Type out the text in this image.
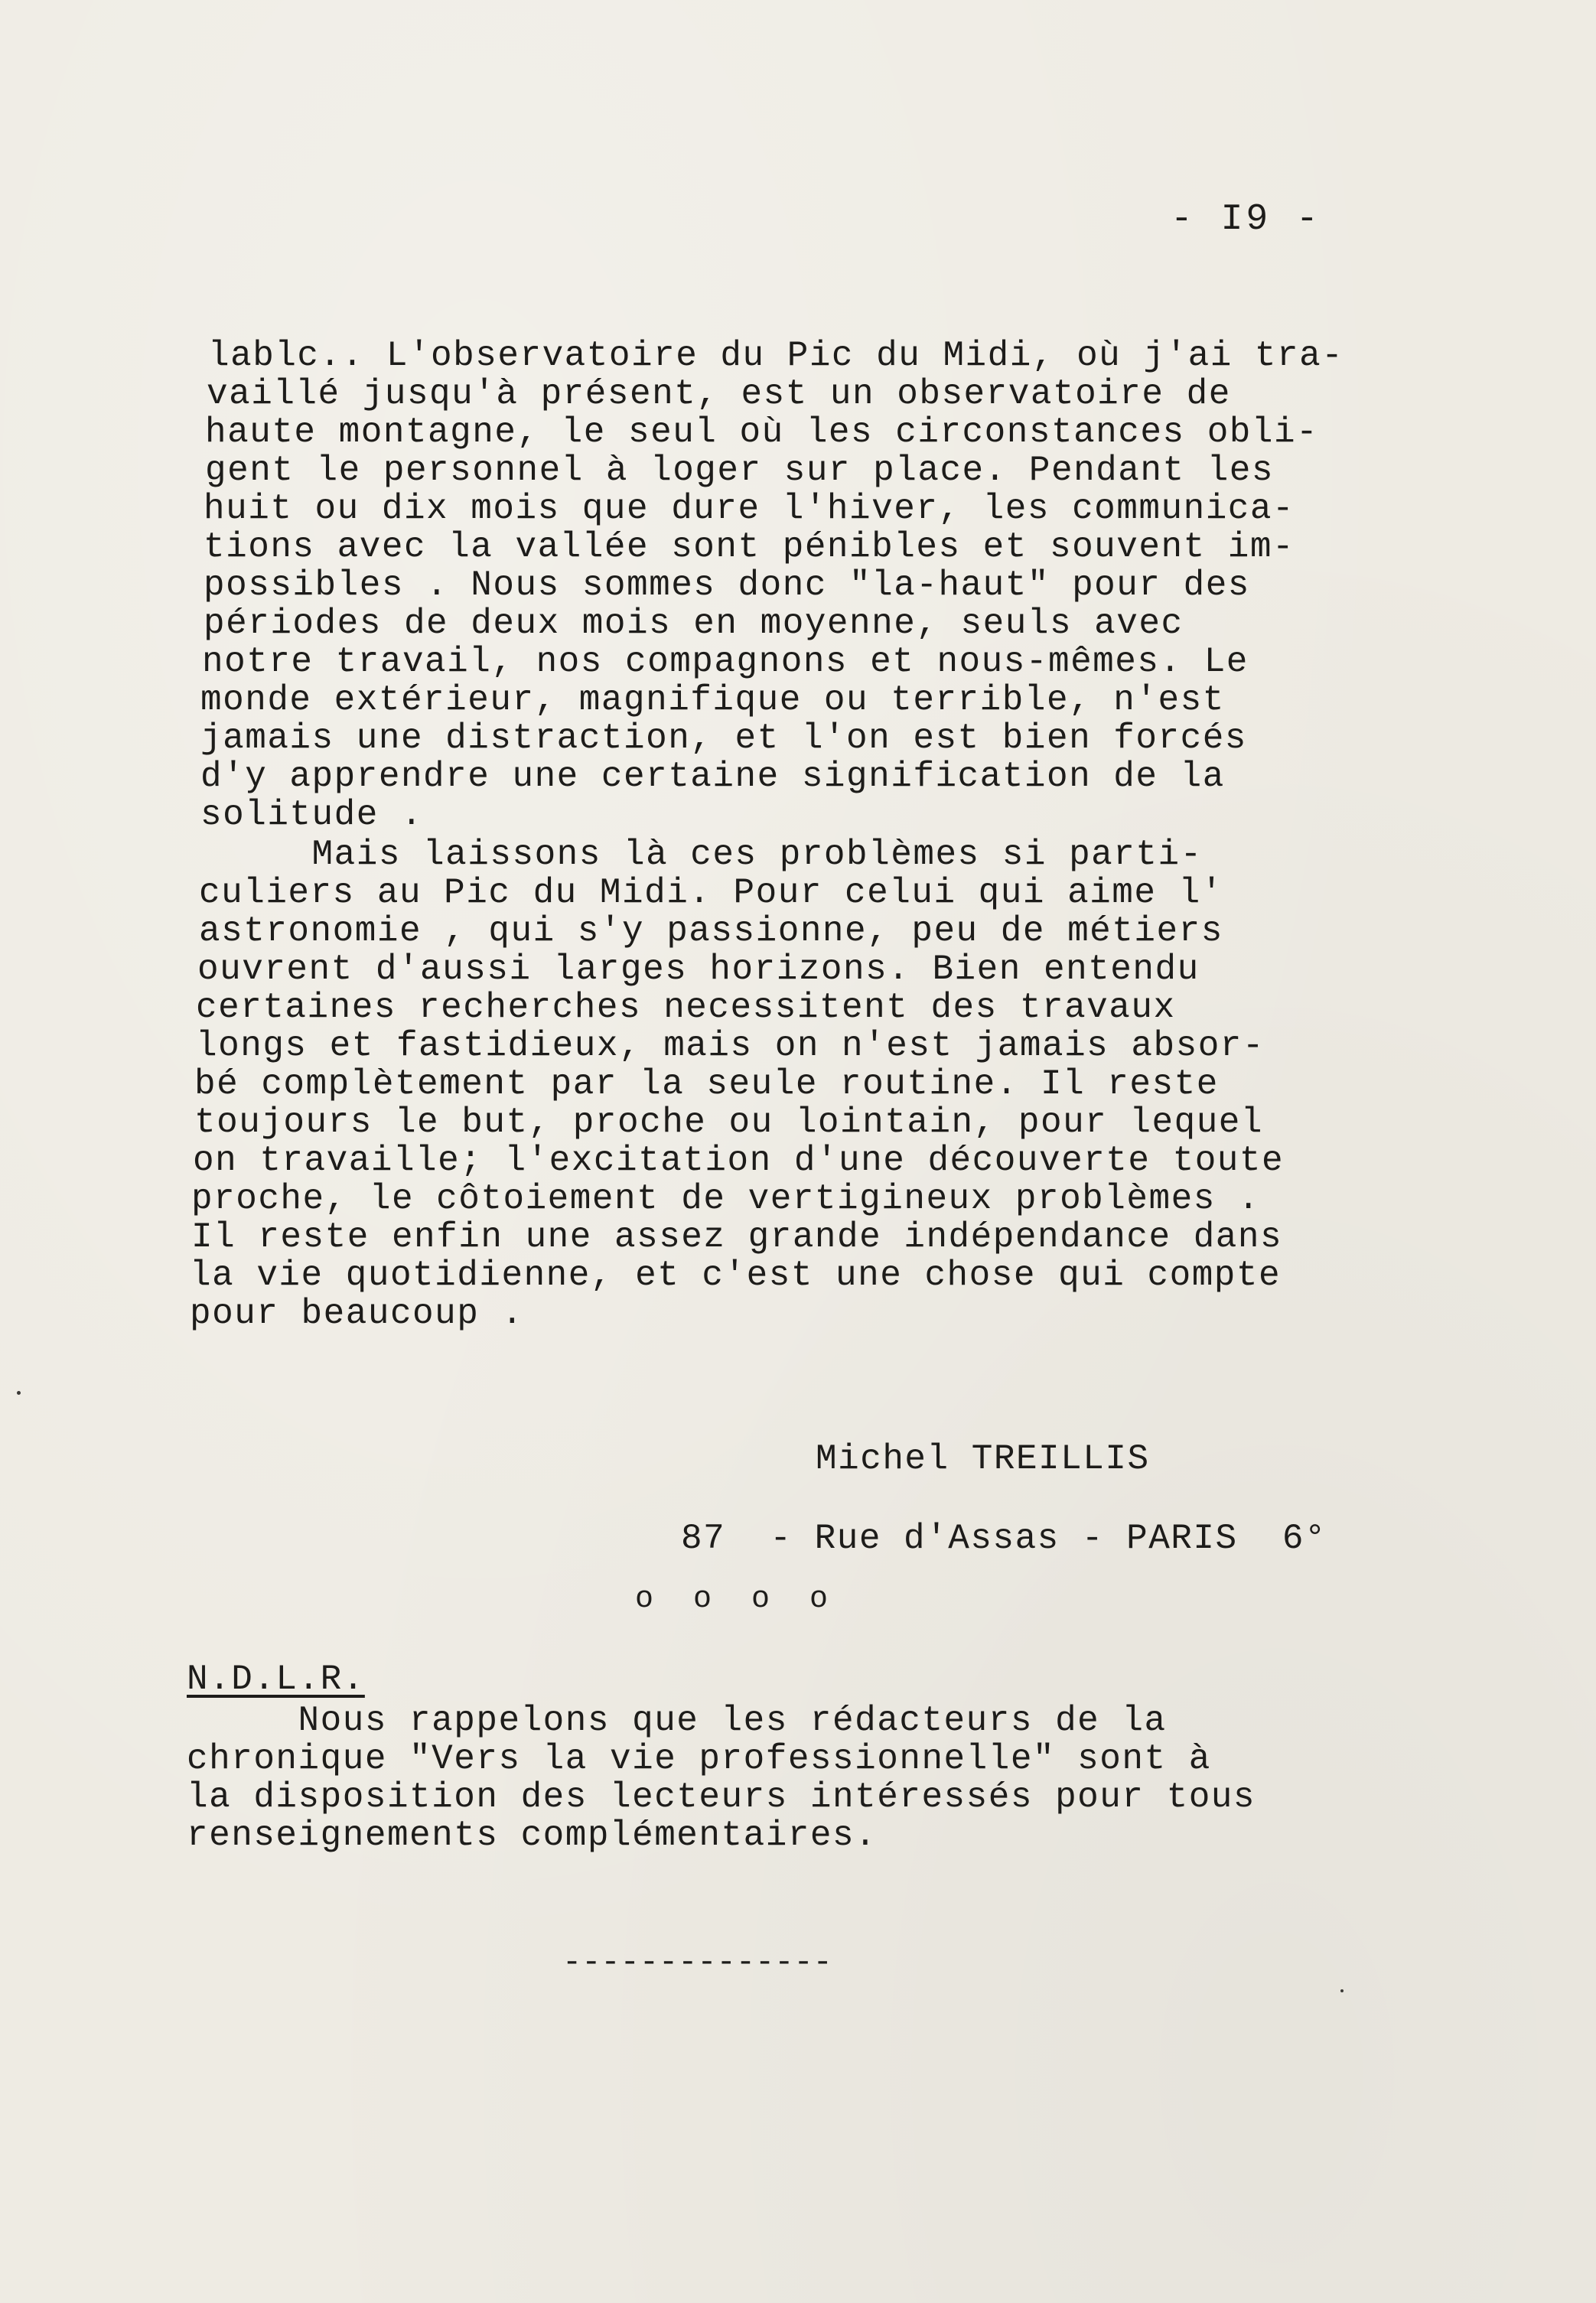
- I9 -
lablc.. L'observatoire du Pic du Midi, où j'ai tra-
vaillé jusqu'à présent, est un observatoire de
haute montagne, le seul où les circonstances obli-
gent le personnel à loger sur place. Pendant les
huit ou dix mois que dure l'hiver, les communica-
tions avec la vallée sont pénibles et souvent im-
possibles . Nous sommes donc "la-haut" pour des
périodes de deux mois en moyenne, seuls avec
notre travail, nos compagnons et nous-mêmes. Le
monde extérieur, magnifique ou terrible, n'est
jamais une distraction, et l'on est bien forcés
d'y apprendre une certaine signification de la
solitude .
Mais laissons là ces problèmes si parti-
culiers au Pic du Midi. Pour celui qui aime l'
astronomie , qui s'y passionne, peu de métiers
ouvrent d'aussi larges horizons. Bien entendu
certaines recherches necessitent des travaux
longs et fastidieux, mais on n'est jamais absor-
bé complètement par la seule routine. Il reste
toujours le but, proche ou lointain, pour lequel
on travaille; l'excitation d'une découverte toute
proche, le côtoiement de vertigineux problèmes .
Il reste enfin une assez grande indépendance dans
la vie quotidienne, et c'est une chose qui compte
pour beaucoup .
Michel TREILLIS
87  - Rue d'Assas - PARIS  6°
o o o o
N.D.L.R.
Nous rappelons que les rédacteurs de la
chronique "Vers la vie professionnelle" sont à
la disposition des lecteurs intéressés pour tous
renseignements complémentaires.
--------------
